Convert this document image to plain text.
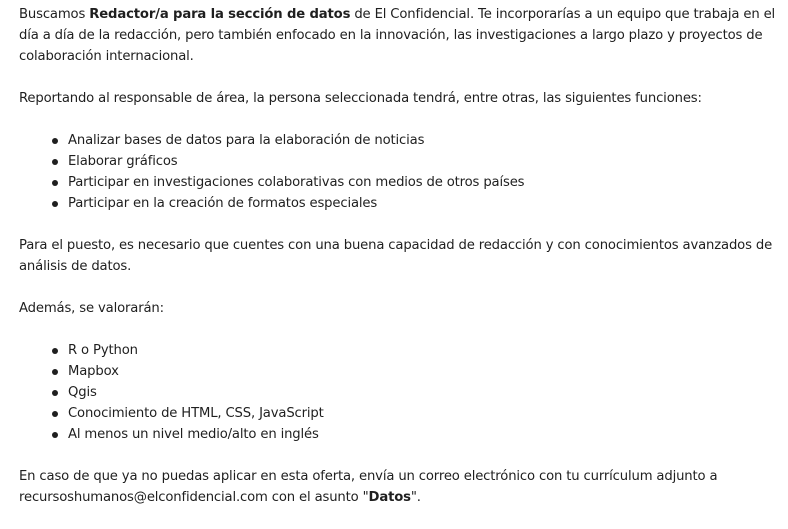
Buscamos Redactor/a para la sección de datos de El Confidencial. Te incorporarías a un equipo que trabaja en el día a día de la redacción, pero también enfocado en la innovación, las investigaciones a largo plazo y proyectos de colaboración internacional.

Reportando al responsable de área, la persona seleccionada tendrá, entre otras, las siguientes funciones:

Analizar bases de datos para la elaboración de noticias
Elaborar gráficos
Participar en investigaciones colaborativas con medios de otros países
Participar en la creación de formatos especiales

Para el puesto, es necesario que cuentes con una buena capacidad de redacción y con conocimientos avanzados de análisis de datos.

Además, se valorarán:

R o Python
Mapbox
Qgis
Conocimiento de HTML, CSS, JavaScript
Al menos un nivel medio/alto en inglés

En caso de que ya no puedas aplicar en esta oferta, envía un correo electrónico con tu currículum adjunto a recursoshumanos@elconfidencial.com con el asunto "Datos".
